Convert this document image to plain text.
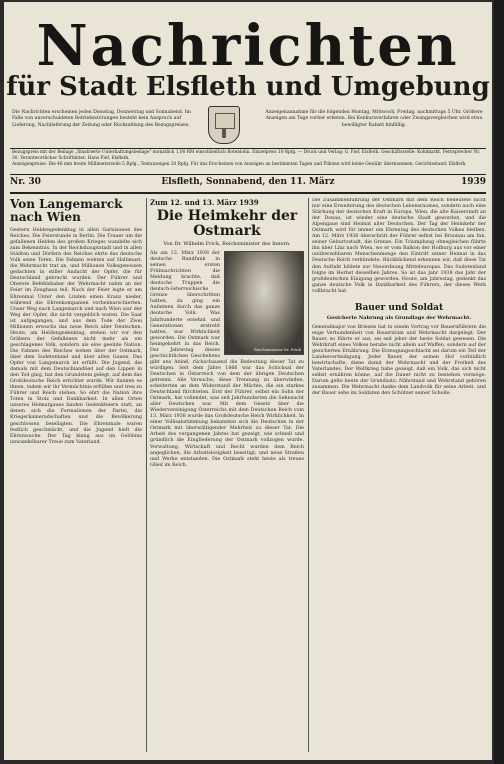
Nachrichten
für Stadt Elsfleth und Umgebung
Die Nachrichten erscheinen jeden Dienstag, Donnerstag und Sonnabend. Im Falle von unverschuldeten Betriebsstörungen besteht kein Anspruch auf Lieferung, Nachlieferung der Zeitung oder Rückzahlung des Bezugspreises.
Anzeigenannahme für die folgenden Montag, Mittwoch, Freitag, nachmittags 5 Uhr. Größere Anzeigen am Tage vorher erbeten. Bei Konkursverfahren oder Zwangsvergleichen wird etwa bewilligter Rabatt hinfällig.
Bezugspreis mit der Beilage „Illustrierte Unterhaltungsbeilage" monatlich 1,00 RM einschließlich Botenlohn. Einzelpreis 10 Rpfg. — Druck und Verlag: G. Fief, Elsfleth. Geschäftsstelle: Kohlmarkt, Fernsprecher Nr. 30. Verantwortlicher Schriftleiter: Hans Fief, Elsfleth.
Anzeigenpreise: Die 46 mm breite Millimeterzeile 5 Rpfg., Textanzeigen 20 Rpfg. Für das Erscheinen von Anzeigen an bestimmten Tagen und Plätzen wird keine Gewähr übernommen. Gerichtsstand: Elsfleth.
Nr. 30	Elsfleth, Sonnabend, den 11. März	1939
Von Langemarck nach Wien

Gestern Heldengedenktag in allen Garnisonen des Reiches. Die Feierstunde in Berlin. Die Trauer um die gefallenen Helden des großen Krieges wandelte sich zum Bekenntnis. In der Reichshauptstadt und in allen Städten und Dörfern des Reiches ehrte das deutsche Volk seine Toten. Die Fahnen wehten auf Halbmast, die Wehrmacht trat an, und Millionen Volksgenossen gedachten in stiller Andacht der Opfer, die für Deutschland gebracht wurden. Der Führer und Oberste Befehlshaber der Wehrmacht nahm an der Feier im Zeughaus teil. Nach der Feier legte er am Ehrenmal Unter den Linden einen Kranz nieder, während die Ehrenkompanien vorbeimarschierten. Unser Weg nach Langemarck und nach Wien war der Weg der Opfer, die nicht vergeblich waren. Die Saat ist aufgegangen, und aus dem Tode der Zwei Millionen erwuchs das neue Reich aller Deutschen. Heute, am Heldengedenktag, stehen wir vor den Gräbern der Gefallenen nicht mehr als ein geschlagenes Volk, sondern als eine geeinte Nation. Die Fahnen des Reiches wehen über der Ostmark, über dem Sudetenland und über allen Gauen. Das Opfer von Langemarck ist erfüllt. Die Jugend, die damals mit dem Deutschlandlied auf den Lippen in den Tod ging, hat den Grundstein gelegt, auf dem das Großdeutsche Reich errichtet wurde. Wir danken es ihnen, indem wir ihr Vermächtnis erfüllen und treu zu Führer und Reich stehen. So ehrt die Nation ihre Toten in Stolz und Dankbarkeit. In allen Orten unseres Heimatgaues fanden Gedenkfeiern statt, an denen sich die Formationen der Partei, die Kriegerkameradschaften und die Bevölkerung geschlossen beteiligten. Die Ehrenmale waren festlich geschmückt, und die Jugend hielt die Ehrenwache. Der Tag klang aus im Gelöbnis unwandelbarer Treue zum Vaterland.

Zum 12. und 13. März 1939
Die Heimkehr der Ostmark
Von Dr. Wilhelm Frick, Reichsminister des Innern.
Reichsminister Dr. Frick

Als am 13. März 1938 der deutsche Rundfunk in seinen ersten Frühnachrichten die Meldung brachte, daß deutsche Truppen die deutsch-österreichische Grenze überschritten hatten, da ging ein Aufatmen durch das ganze deutsche Volk. Was Jahrhunderte ersehnt und Generationen erstrebt hatten, war Wirklichkeit geworden. Die Ostmark war heimgekehrt in das Reich. Der Jahrestag dieses geschichtlichen Geschehens gibt uns Anlaß, rückschauend die Bedeutung dieser Tat zu würdigen. Seit dem Jahre 1866 war das Schicksal der Deutschen in Österreich von dem der übrigen Deutschen getrennt. Alle Versuche, diese Trennung zu überwinden, scheiterten an dem Widerstand der Mächte, die ein starkes Deutschland fürchteten. Erst der Führer, selbst ein Sohn der Ostmark, hat vollendet, was seit Jahrhunderten die Sehnsucht aller Deutschen war. Mit dem Gesetz über die Wiedervereinigung Österreichs mit dem Deutschen Reich vom 13. März 1938 wurde das Großdeutsche Reich Wirklichkeit. In einer Volksabstimmung bekannten sich die Deutschen in der Ostmark mit überwältigender Mehrheit zu dieser Tat. Die Arbeit des vergangenen Jahres hat gezeigt, wie schnell und gründlich die Eingliederung der Ostmark vollzogen wurde. Verwaltung, Wirtschaft und Recht wurden dem Reich angeglichen, die Arbeitslosigkeit beseitigt, und neue Straßen und Werke entstanden. Die Ostmark steht heute als treues Glied im Reich.

Die Zusammenführung der Ostmark mit dem Reich bedeutete nicht nur eine Erweiterung des deutschen Lebensraumes, sondern auch eine Stärkung der deutschen Kraft in Europa. Wien, die alte Kaiserstadt an der Donau, ist wieder eine deutsche Stadt geworden, und die Alpengaue sind Heimat aller Deutschen. Der Tag der Heimkehr der Ostmark wird für immer ein Ehrentag des deutschen Volkes bleiben. Am 12. März 1938 überschritt der Führer selbst bei Braunau am Inn, seiner Geburtsstadt, die Grenze. Ein Triumphzug ohnegleichen führte ihn über Linz nach Wien, wo er vom Balkon der Hofburg aus vor einer unübersehbaren Menschenmenge den Eintritt seiner Heimat in das Deutsche Reich verkündete. Rückblickend erkennen wir, daß diese Tat den Auftakt bildete zur Neuordnung Mitteleuropas. Das Sudetenland folgte im Herbst desselben Jahres. So ist das Jahr 1938 das Jahr der großdeutschen Einigung geworden. Heute, am Jahrestag, gedenkt das ganze deutsche Volk in Dankbarkeit des Führers, der dieses Werk vollbracht hat.

Bauer und Soldat
Gesicherte Nahrung als Grundlage der Wehrmacht.

Generalmajor von Briesen hat in einem Vortrag vor Bauernführern die enge Verbundenheit von Bauerntum und Wehrmacht dargelegt. Der Bauer, so führte er aus, sei seit jeher der beste Soldat gewesen. Die Wehrkraft eines Volkes beruhe nicht allein auf Waffen, sondern auf der gesicherten Ernährung. Die Erzeugungsschlacht sei darum ein Teil der Landesverteidigung. Jeder Bauer, der seinen Hof vorbildlich bewirtschafte, diene damit der Wehrmacht und der Freiheit des Vaterlandes. Der Weltkrieg habe gezeigt, daß ein Volk, das sich nicht selbst ernähren könne, auf die Dauer nicht zu bestehen vermöge. Darum gelte heute der Grundsatz: Nährstand und Wehrstand gehören zusammen. Die Wehrmacht danke dem Landvolk für seine Arbeit, und der Bauer sehe im Soldaten den Schützer seiner Scholle.
